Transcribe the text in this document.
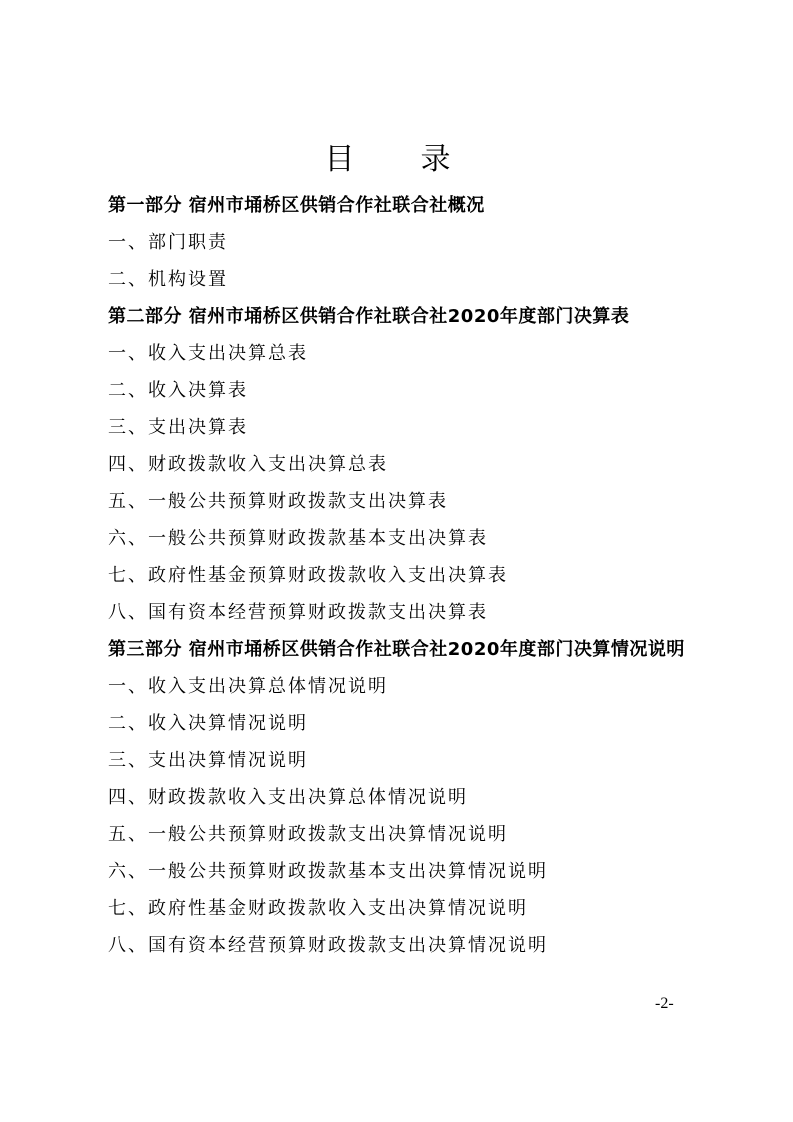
目　录
第一部分 宿州市埇桥区供销合作社联合社概况
一、部门职责
二、机构设置
第二部分 宿州市埇桥区供销合作社联合社2020年度部门决算表
一、收入支出决算总表
二、收入决算表
三、支出决算表
四、财政拨款收入支出决算总表
五、一般公共预算财政拨款支出决算表
六、一般公共预算财政拨款基本支出决算表
七、政府性基金预算财政拨款收入支出决算表
八、国有资本经营预算财政拨款支出决算表
第三部分 宿州市埇桥区供销合作社联合社2020年度部门决算情况说明
一、收入支出决算总体情况说明
二、收入决算情况说明
三、支出决算情况说明
四、财政拨款收入支出决算总体情况说明
五、一般公共预算财政拨款支出决算情况说明
六、一般公共预算财政拨款基本支出决算情况说明
七、政府性基金财政拨款收入支出决算情况说明
八、国有资本经营预算财政拨款支出决算情况说明
-2-
